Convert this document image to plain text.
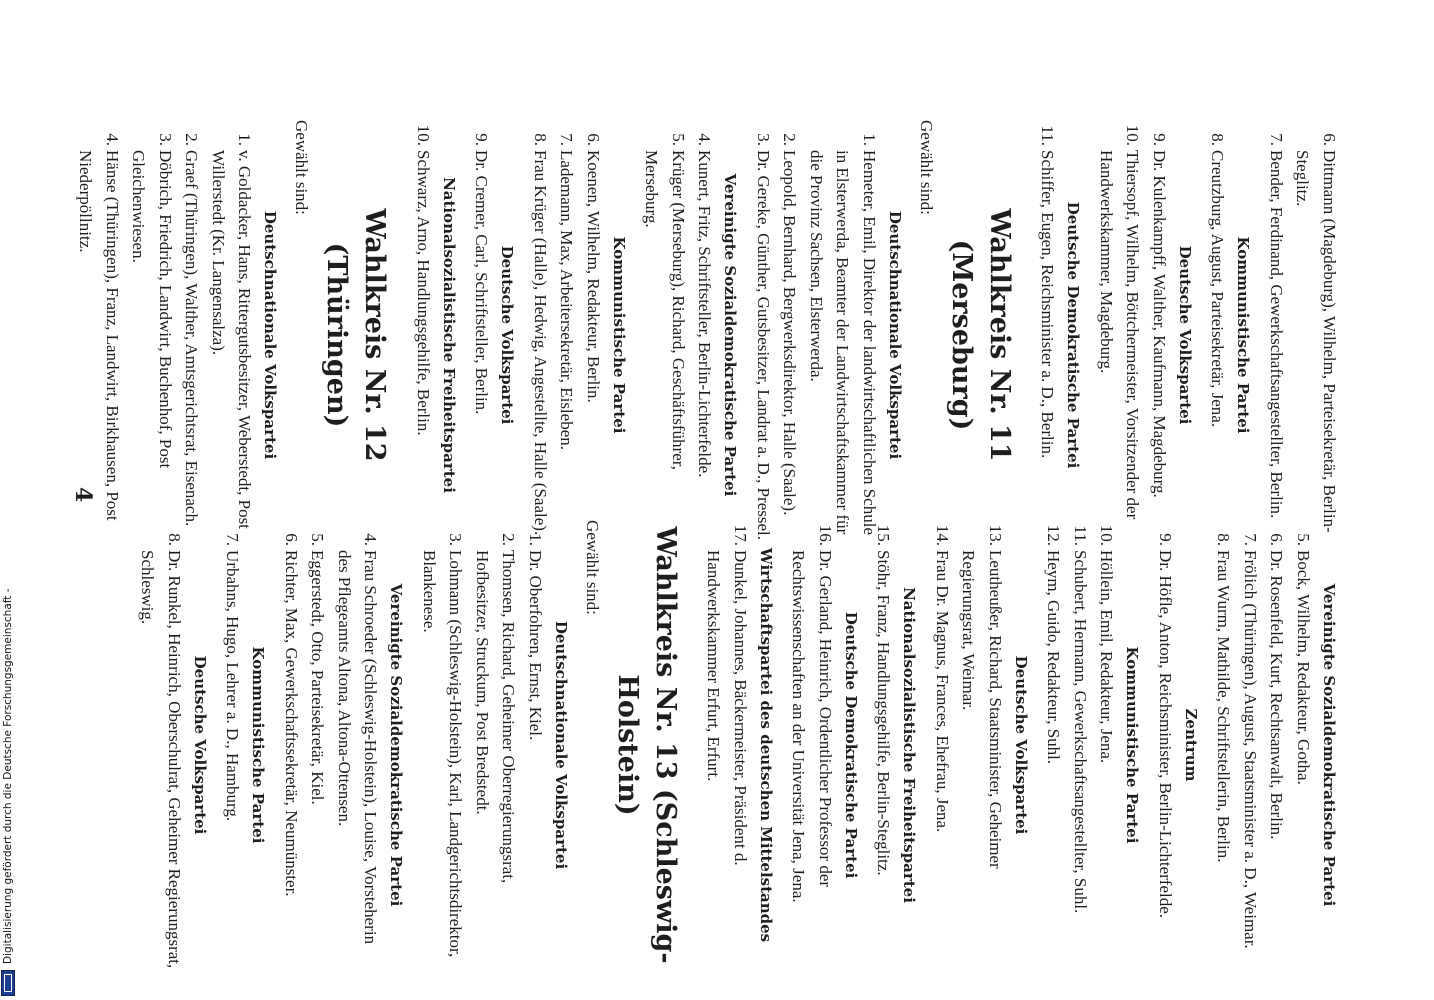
4
6.
Dittmann (Magdeburg), Wilhelm, Parteisekretär, Berlin-Steglitz.
7.
Bender, Ferdinand, Gewerkschaftsangestellter, Berlin.
Kommunistische Partei
8.
Creutzburg, August, Parteisekretär, Jena.
Deutsche Volkspartei
9.
Dr. Kulenkampff, Walther, Kaufmann, Magdeburg.
10.
Thiersopf, Wilhelm, Böttchermeister, Vorsitzender der Handwerkskammer, Magdeburg.
Deutsche Demokratische Partei
11.
Schiffer, Eugen, Reichsminister a. D., Berlin.
Wahlkreis Nr. 11 (Merseburg)
Gewählt sind:
Deutschnationale Volkspartei
1.
Hemeter, Emil, Direktor der landwirtschaftlichen Schule in Elsterwerda, Beamter der Landwirtschaftskammer für die Provinz Sachsen, Elsterwerda.
2.
Leopold, Bernhard, Bergwerksdirektor, Halle (Saale).
3.
Dr. Gereke, Günther, Gutsbesitzer, Landrat a. D., Pressel.
Vereinigte Sozialdemokratische Partei
4.
Kunert, Fritz, Schriftsteller, Berlin-Lichterfelde.
5.
Krüger (Merseburg), Richard, Geschäftsführer, Merseburg.
Kommunistische Partei
6.
Koenen, Wilhelm, Redakteur, Berlin.
7.
Lademann, Max, Arbeitersekretär, Eisleben.
8.
Frau Krüger (Halle), Hedwig, Angestellte, Halle (Saale).
Deutsche Volkspartei
9.
Dr. Cremer, Carl, Schriftsteller, Berlin.
Nationalsozialistische Freiheitspartei
10.
Schwarz, Arno, Handlungsgehilfe, Berlin.
Wahlkreis Nr. 12 (Thüringen)
Gewählt sind:
Deutschnationale Volkspartei
1.
v. Goldacker, Hans, Rittergutsbesitzer, Weberstedt, Post Willerstedt (Kr. Langensalza).
2.
Graef (Thüringen), Walther, Amtsgerichtsrat, Eisenach.
3.
Döbrich, Friedrich, Landwirt, Buchenhof, Post Gleichenwiesen.
4.
Hänse (Thüringen), Franz, Landwirt, Birkhausen, Post Niederpöllnitz.
Vereinigte Sozialdemokratische Partei
5.
Bock, Wilhelm, Redakteur, Gotha.
6.
Dr. Rosenfeld, Kurt, Rechtsanwalt, Berlin.
7.
Frölich (Thüringen), August, Staatsminister a. D., Weimar.
8.
Frau Wurm, Mathilde, Schriftstellerin, Berlin.
Zentrum
9.
Dr. Höfle, Anton, Reichsminister, Berlin-Lichterfelde.
Kommunistische Partei
10.
Höllein, Emil, Redakteur, Jena.
11.
Schubert, Hermann, Gewerkschaftsangestellter, Suhl.
12.
Heym, Guido, Redakteur, Suhl.
Deutsche Volkspartei
13.
Leutheußer, Richard, Staatsminister, Geheimer Regierungsrat, Weimar.
14.
Frau Dr. Magnus, Frances, Ehefrau, Jena.
Nationalsozialistische Freiheitspartei
15.
Stöhr, Franz, Handlungsgehilfe, Berlin-Steglitz.
Deutsche Demokratische Partei
16.
Dr. Gerland, Heinrich, Ordentlicher Professor der Rechtswissenschaften an der Universität Jena, Jena.
Wirtschaftspartei des deutschen Mittelstandes
17.
Dunkel, Johannes, Bäckermeister, Präsident d. Handwerkskammer Erfurt, Erfurt.
Wahlkreis Nr. 13 (Schleswig-Holstein)
Gewählt sind:
Deutschnationale Volkspartei
1.
Dr. Oberfohren, Ernst, Kiel.
2.
Thomsen, Richard, Geheimer Oberregierungsrat, Hofbesitzer, Struckum, Post Bredstedt.
3.
Lohmann (Schleswig-Holstein), Karl, Landgerichtsdirektor, Blankenese.
Vereinigte Sozialdemokratische Partei
4.
Frau Schroeder (Schleswig-Holstein), Louise, Vorsteherin des Pflegeamts Altona, Altona-Ottensen.
5.
Eggerstedt, Otto, Parteisekretär, Kiel.
6.
Richter, Max, Gewerkschaftssekretär, Neumünster.
Kommunistische Partei
7.
Urbahns, Hugo, Lehrer a. D., Hamburg.
Deutsche Volkspartei
8.
Dr. Runkel, Heinrich, Oberschulrat, Geheimer Regierungsrat, Schleswig.
Digitalisierung gefördert durch die Deutsche Forschungsgemeinschaft -
